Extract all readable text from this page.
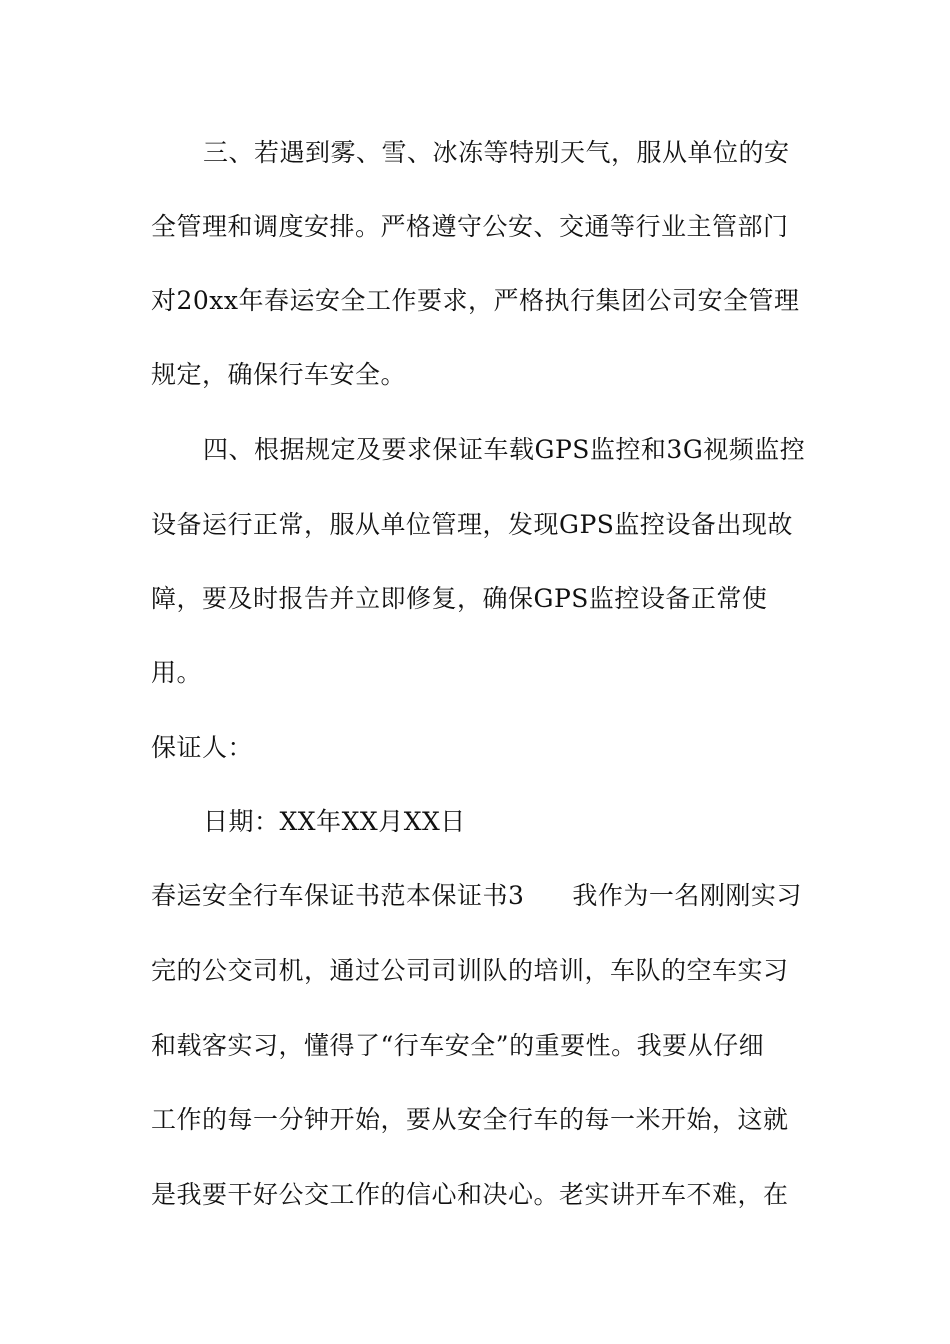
三、若遇到雾、雪、冰冻等特别天气，服从单位的安
全管理和调度安排。严格遵守公安、交通等行业主管部门
对20xx年春运安全工作要求，严格执行集团公司安全管理
规定，确保行车安全。
四、根据规定及要求保证车载GPS监控和3G视频监控
设备运行正常，服从单位管理，发现GPS监控设备出现故
障，要及时报告并立即修复，确保GPS监控设备正常使
用。
保证人：
日期：XX年XX月XX日
春运安全行车保证书范本保证书3 我作为一名刚刚实习
完的公交司机，通过公司司训队的培训，车队的空车实习
和载客实习，懂得了“行车安全”的重要性。我要从仔细
工作的每一分钟开始，要从安全行车的每一米开始，这就
是我要干好公交工作的信心和决心。老实讲开车不难，在
